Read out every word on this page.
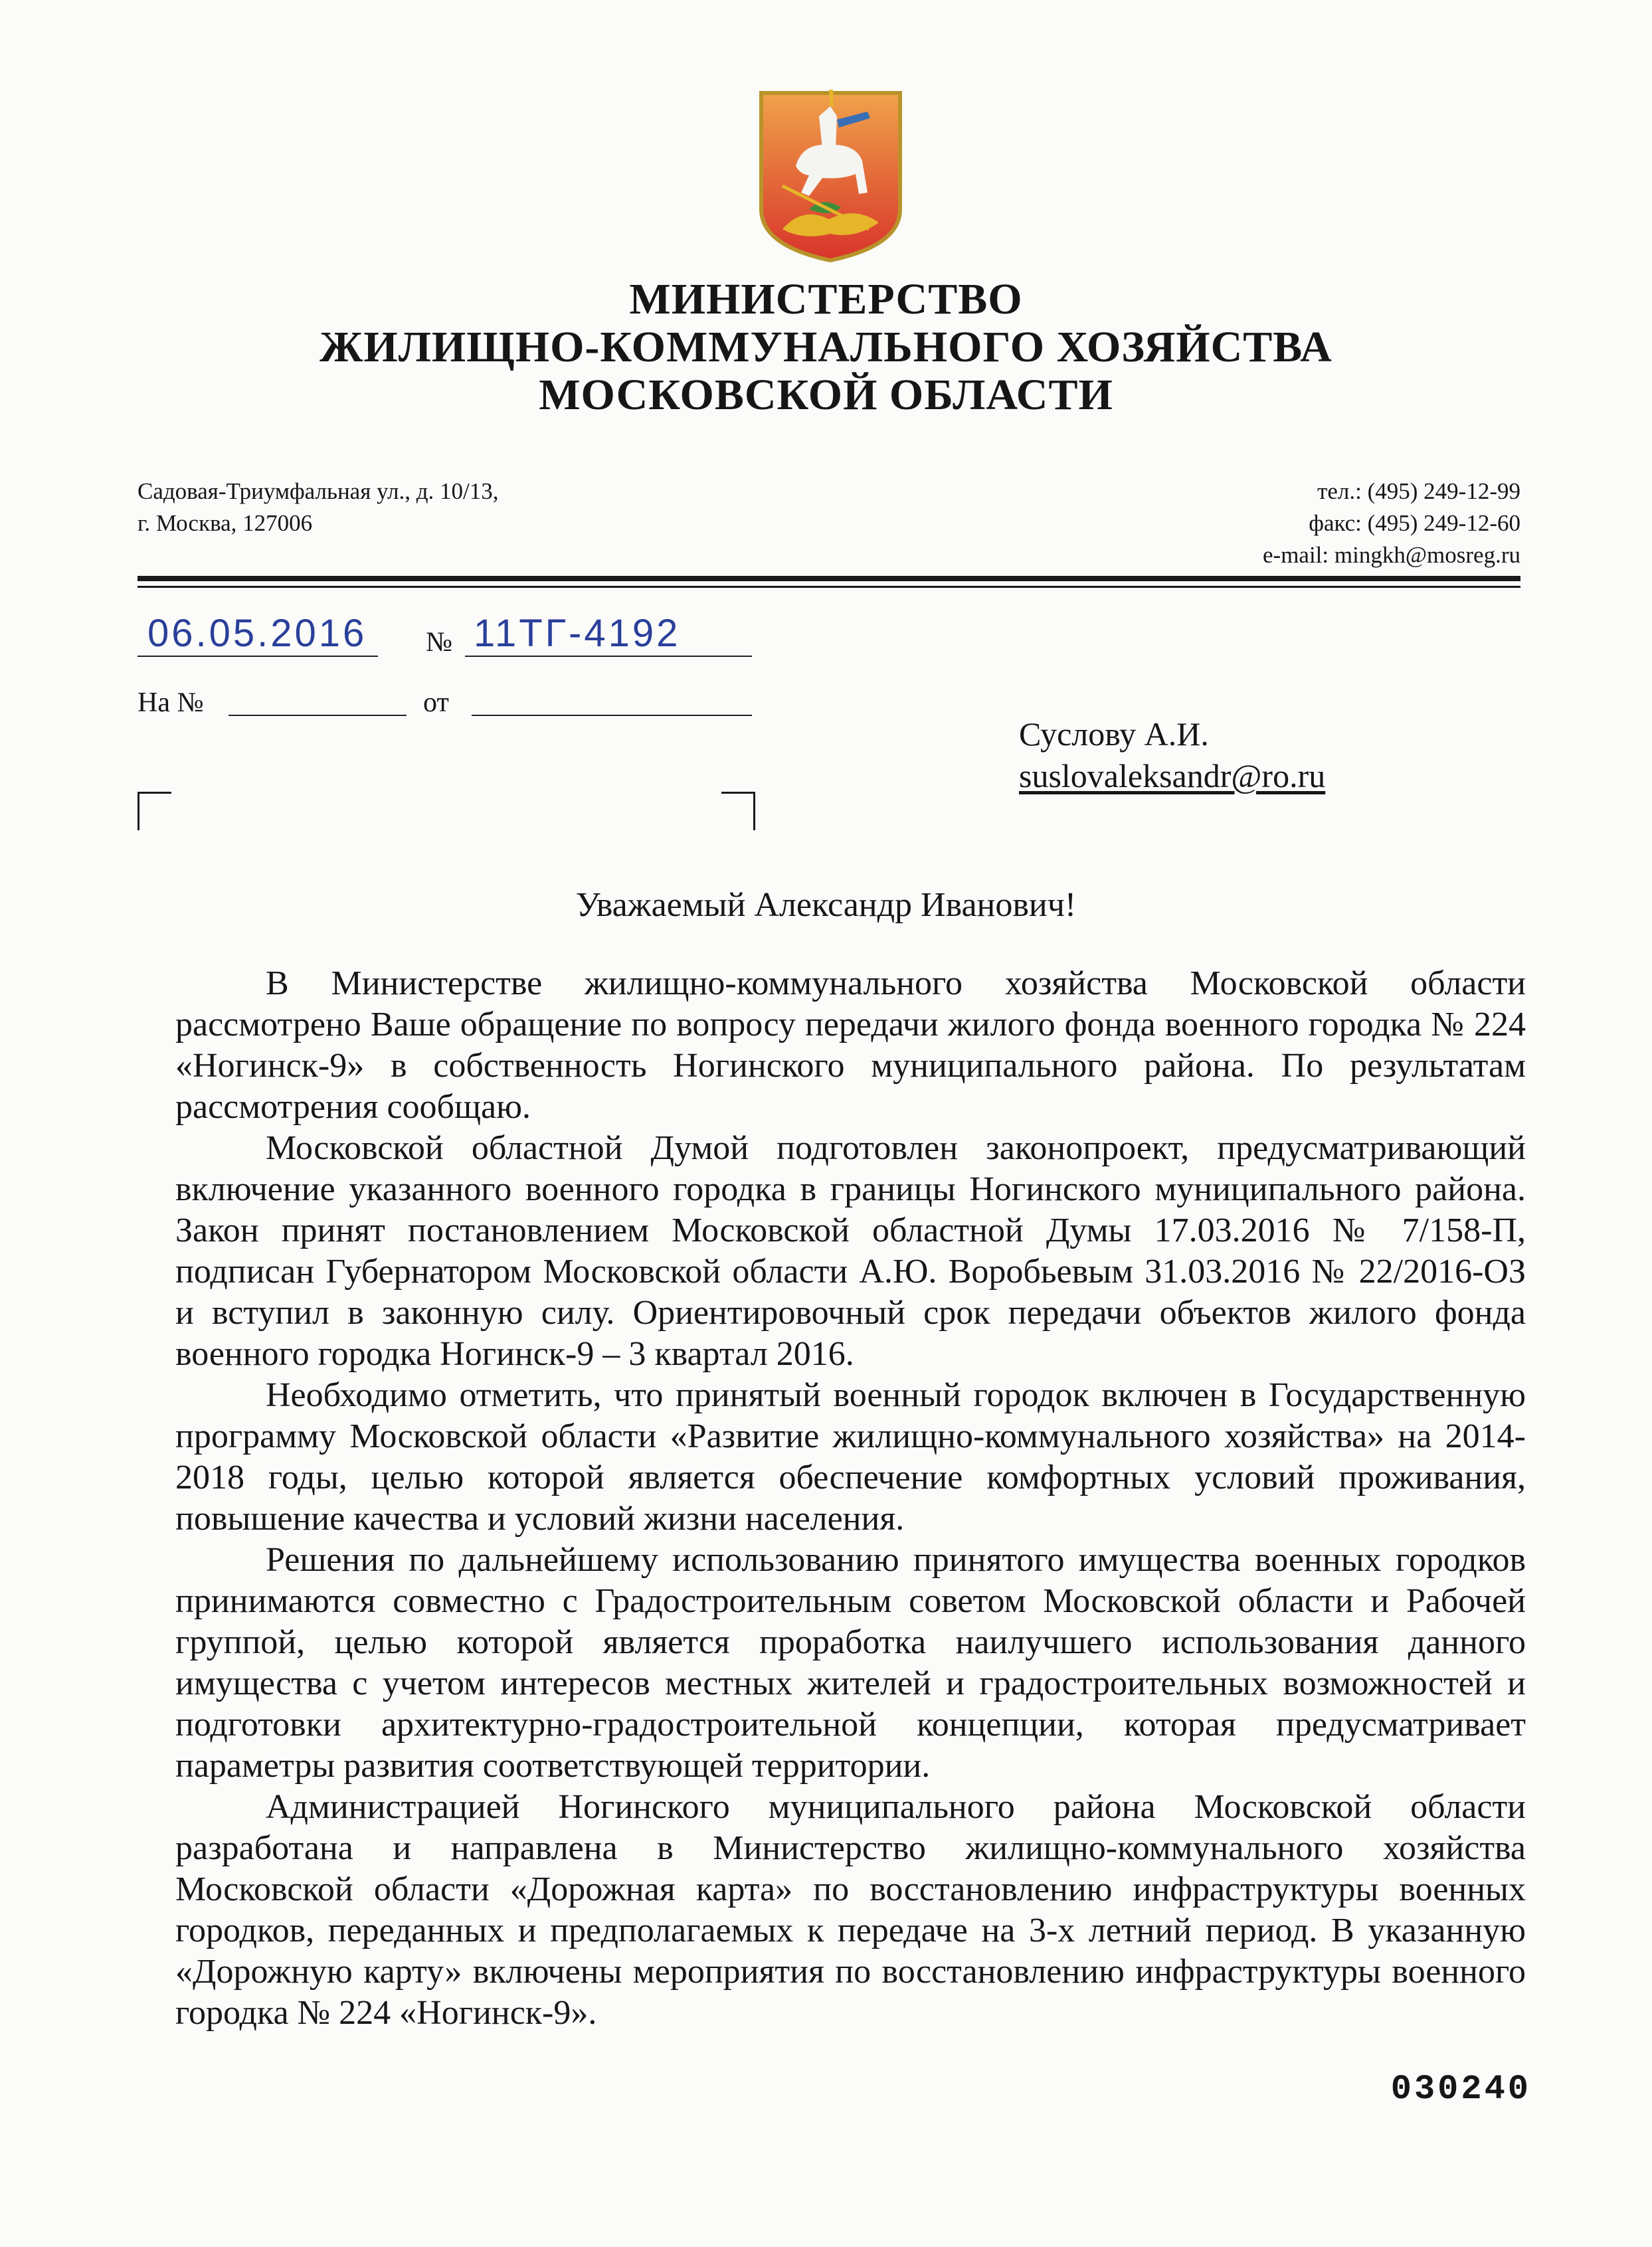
МИНИСТЕРСТВО
ЖИЛИЩНО-КОММУНАЛЬНОГО ХОЗЯЙСТВА
МОСКОВСКОЙ ОБЛАСТИ
Садовая-Триумфальная ул., д. 10/13,
г. Москва, 127006
тел.: (495) 249-12-99
факс: (495) 249-12-60
e-mail: mingkh@mosreg.ru
06.05.2016 № 11ТГ-4192
На №	от
Суслову А.И.
suslovaleksandr@ro.ru
Уважаемый Александр Иванович!

В Министерстве жилищно-коммунального хозяйства Московской области рассмотрено Ваше обращение по вопросу передачи жилого фонда военного городка № 224 «Ногинск-9» в собственность Ногинского муниципального района. По результатам рассмотрения сообщаю.

Московской областной Думой подготовлен законопроект, предусматривающий включение указанного военного городка в границы Ногинского муниципального района. Закон принят постановлением Московской областной Думы 17.03.2016 № 7/158-П, подписан Губернатором Московской области А.Ю. Воробьевым 31.03.2016 № 22/2016-ОЗ и вступил в законную силу. Ориентировочный срок передачи объектов жилого фонда военного городка Ногинск-9 – 3 квартал 2016.

Необходимо отметить, что принятый военный городок включен в Государственную программу Московской области «Развитие жилищно-коммунального хозяйства» на 2014-2018 годы, целью которой является обеспечение комфортных условий проживания, повышение качества и условий жизни населения.

Решения по дальнейшему использованию принятого имущества военных городков принимаются совместно с Градостроительным советом Московской области и Рабочей группой, целью которой является проработка наилучшего использования данного имущества с учетом интересов местных жителей и градостроительных возможностей и подготовки архитектурно-градостроительной концепции, которая предусматривает параметры развития соответствующей территории.

Администрацией Ногинского муниципального района Московской области разработана и направлена в Министерство жилищно-коммунального хозяйства Московской области «Дорожная карта» по восстановлению инфраструктуры военных городков, переданных и предполагаемых к передаче на 3-х летний период. В указанную «Дорожную карту» включены мероприятия по восстановлению инфраструктуры военного городка № 224 «Ногинск-9».

030240
